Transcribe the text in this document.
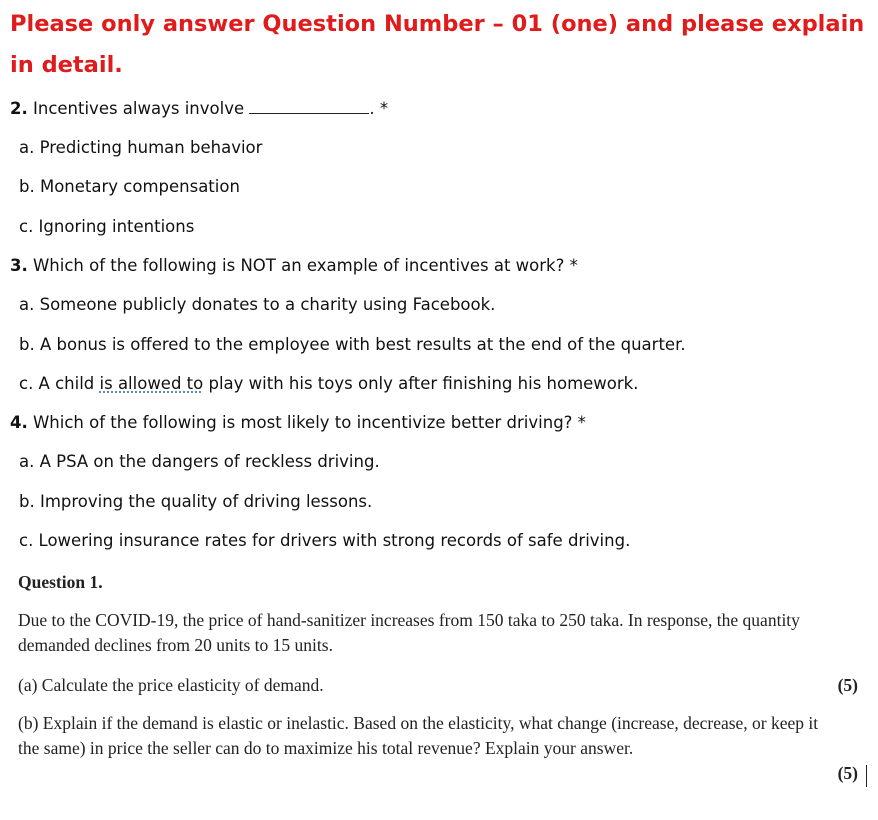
Please only answer Question Number – 01 (one) and please explain in detail.
2. Incentives always involve	. *
a. Predicting human behavior
b. Monetary compensation
c. Ignoring intentions
3. Which of the following is NOT an example of incentives at work? *
a. Someone publicly donates to a charity using Facebook.
b. A bonus is offered to the employee with best results at the end of the quarter.
c. A child is allowed to play with his toys only after finishing his homework.
4. Which of the following is most likely to incentivize better driving? *
a. A PSA on the dangers of reckless driving.
b. Improving the quality of driving lessons.
c. Lowering insurance rates for drivers with strong records of safe driving.
Question 1.
Due to the COVID-19, the price of hand-sanitizer increases from 150 taka to 250 taka. In response, the quantity demanded declines from 20 units to 15 units.
(a) Calculate the price elasticity of demand.	(5)
(b) Explain if the demand is elastic or inelastic. Based on the elasticity, what change (increase, decrease, or keep it the same) in price the seller can do to maximize his total revenue? Explain your answer.
(5)
